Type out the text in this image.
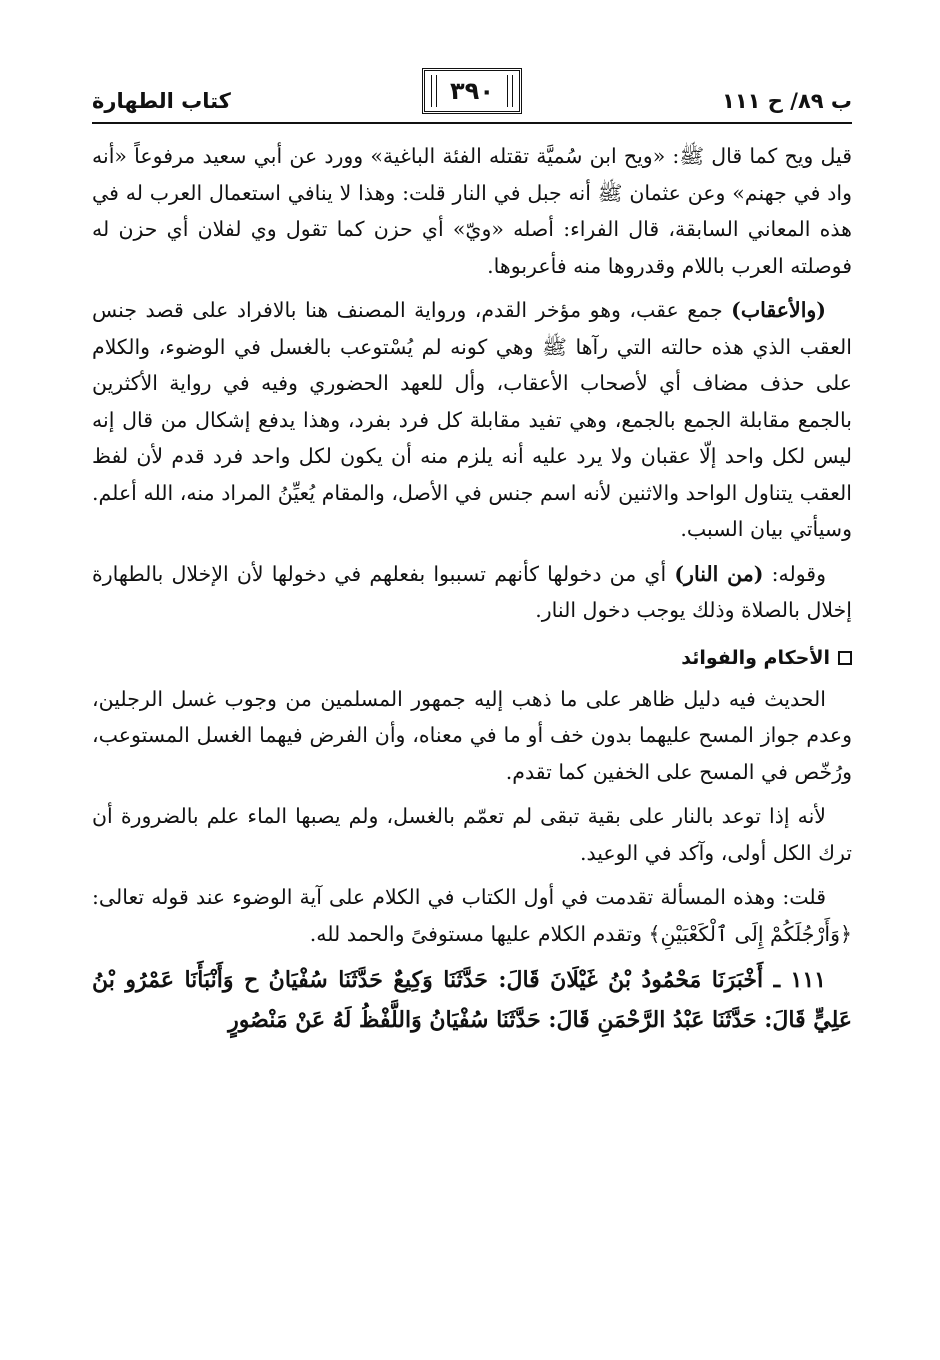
ب ٨٩/ ح ١١١
كتاب الطهارة	٣٩٠

قيل ويح كما قال ﷺ: «ويح ابن سُميَّة تقتله الفئة الباغية» وورد عن أبي سعيد مرفوعاً «أنه واد في جهنم» وعن عثمان ﷺ أنه جبل في النار قلت: وهذا لا ينافي استعمال العرب له في هذه المعاني السابقة، قال الفراء: أصله «ويّ» أي حزن كما تقول وي لفلان أي حزن له فوصلته العرب باللام وقدروها منه فأعربوها.

(والأعقاب) جمع عقب، وهو مؤخر القدم، ورواية المصنف هنا بالافراد على قصد جنس العقب الذي هذه حالته التي رآها ﷺ وهي كونه لم يُسْتوعب بالغسل في الوضوء، والكلام على حذف مضاف أي لأصحاب الأعقاب، وأل للعهد الحضوري وفيه في رواية الأكثرين بالجمع مقابلة الجمع بالجمع، وهي تفيد مقابلة كل فرد بفرد، وهذا يدفع إشكال من قال إنه ليس لكل واحد إلّا عقبان ولا يرد عليه أنه يلزم منه أن يكون لكل واحد فرد قدم لأن لفظ العقب يتناول الواحد والاثنين لأنه اسم جنس في الأصل، والمقام يُعيِّنُ المراد منه، الله أعلم. وسيأتي بيان السبب.

وقوله: (من النار) أي من دخولها كأنهم تسببوا بفعلهم في دخولها لأن الإخلال بالطهارة إخلال بالصلاة وذلك يوجب دخول النار.

الأحكام والفوائد

الحديث فيه دليل ظاهر على ما ذهب إليه جمهور المسلمين من وجوب غسل الرجلين، وعدم جواز المسح عليهما بدون خف أو ما في معناه، وأن الفرض فيهما الغسل المستوعب، ورُخّص في المسح على الخفين كما تقدم.

لأنه إذا توعد بالنار على بقية تبقى لم تعمّم بالغسل، ولم يصبها الماء علم بالضرورة أن ترك الكل أولى، وآكد في الوعيد.

قلت: وهذه المسألة تقدمت في أول الكتاب في الكلام على آية الوضوء عند قوله تعالى: ﴿وَأَرْجُلَكُمْ إِلَى ٱلْكَعْبَيْنِ﴾ وتقدم الكلام عليها مستوفىً والحمد لله.

١١١ ـ أَخْبَرَنَا مَحْمُودُ بْنُ غَيْلَانَ قَالَ: حَدَّثَنَا وَكِيعٌ حَدَّثَنَا سُفْيَانُ ح وَأَنْبَأَنَا عَمْرُو بْنُ عَلِيٍّ قَالَ: حَدَّثَنَا عَبْدُ الرَّحْمَنِ قَالَ: حَدَّثَنَا سُفْيَانُ وَاللَّفْظُ لَهُ عَنْ مَنْصُورٍ
